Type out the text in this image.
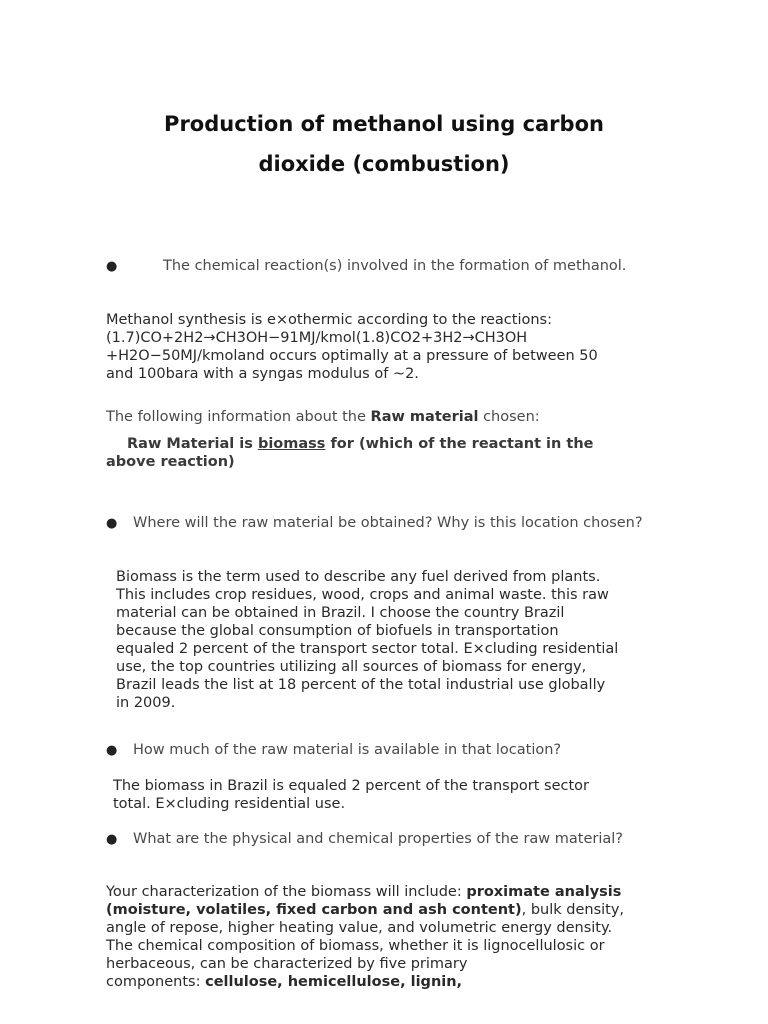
Production of methanol using carbon
dioxide (combustion)
●	The chemical reaction(s) involved in the formation of methanol.
Methanol synthesis is e×othermic according to the reactions:
(1.7)CO+2H2→CH3OH−91MJ/kmol(1.8)CO2+3H2→CH3OH
+H2O−50MJ/kmoland occurs optimally at a pressure of between 50
and 100bara with a syngas modulus of ~2.
The following information about the Raw material chosen:
Raw Material is biomass for (which of the reactant in the
above reaction)
●	Where will the raw material be obtained? Why is this location chosen?
Biomass is the term used to describe any fuel derived from plants.
This includes crop residues, wood, crops and animal waste. this raw
material can be obtained in Brazil. I choose the country Brazil
because the global consumption of biofuels in transportation
equaled 2 percent of the transport sector total. E×cluding residential
use, the top countries utilizing all sources of biomass for energy,
Brazil leads the list at 18 percent of the total industrial use globally
in 2009.
●	How much of the raw material is available in that location?
The biomass in Brazil is equaled 2 percent of the transport sector
total. E×cluding residential use.
●	What are the physical and chemical properties of the raw material?
Your characterization of the biomass will include: proximate analysis
(moisture, volatiles, fixed carbon and ash content), bulk density,
angle of repose, higher heating value, and volumetric energy density.
The chemical composition of biomass, whether it is lignocellulosic or
herbaceous, can be characterized by five primary
components: cellulose, hemicellulose, lignin,
